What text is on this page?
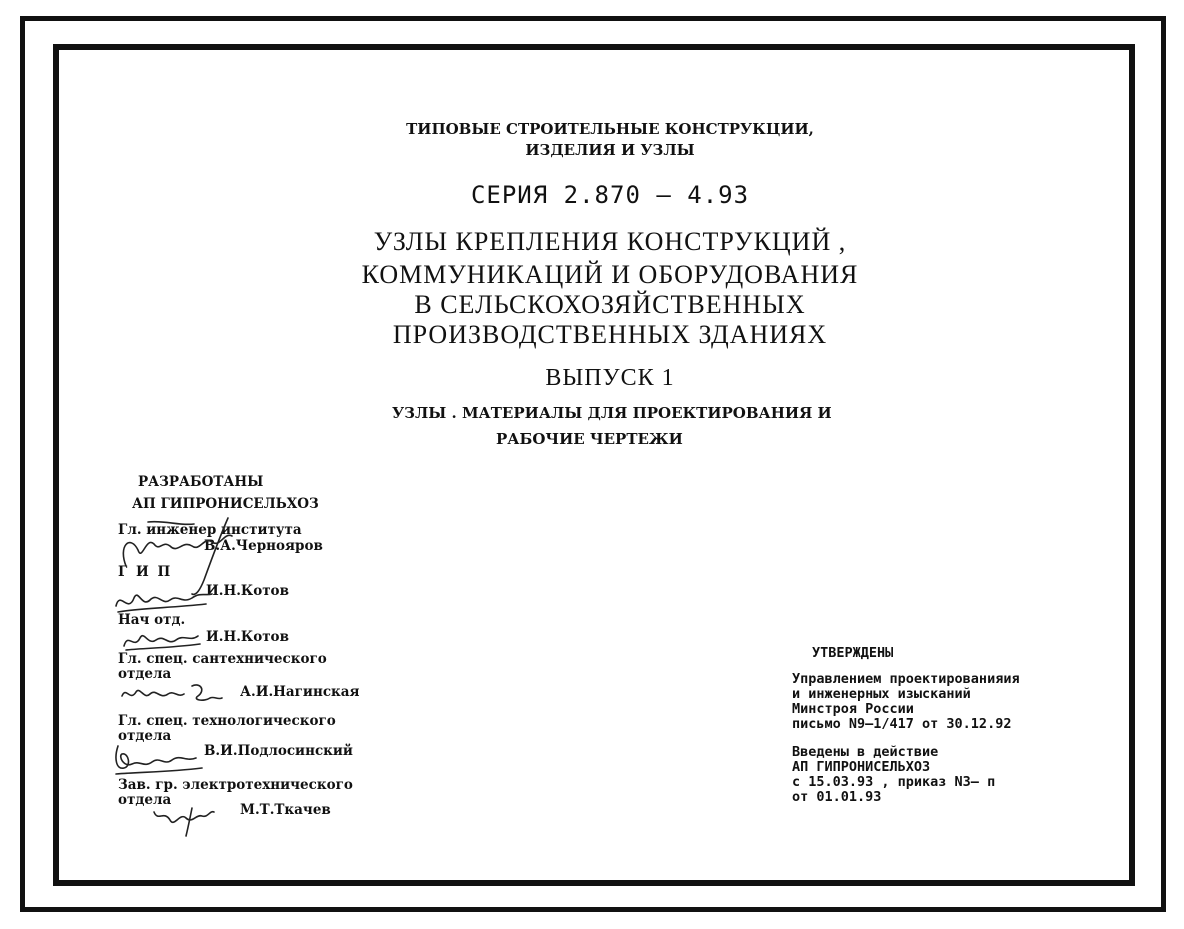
ТИПОВЫЕ СТРОИТЕЛЬНЫЕ КОНСТРУКЦИИ,
ИЗДЕЛИЯ И УЗЛЫ
СЕРИЯ 2.870 – 4.93
УЗЛЫ КРЕПЛЕНИЯ КОНСТРУКЦИЙ ,
КОММУНИКАЦИЙ И ОБОРУДОВАНИЯ
В СЕЛЬСКОХОЗЯЙСТВЕННЫХ
ПРОИЗВОДСТВЕННЫХ ЗДАНИЯХ
ВЫПУСК 1
УЗЛЫ . МАТЕРИАЛЫ ДЛЯ ПРОЕКТИРОВАНИЯ И
РАБОЧИЕ ЧЕРТЕЖИ
РАЗРАБОТАНЫ
АП ГИПРОНИСЕЛЬХОЗ
Гл. инженер института
В.А.Чернояров
Г И П
И.Н.Котов
Нач отд.
И.Н.Котов
Гл. спец. сантехнического
отдела
А.И.Нагинская
Гл. спец. технологического
отдела
В.И.Подлосинский
Зав. гр. электротехнического
отдела
М.Т.Ткачев
УТВЕРЖДЕНЫ
Управлением проектированияия
и инженерных изысканий
Минстроя России
письмо N9–1/417 от 30.12.92
Введены в действие
АП ГИПРОНИСЕЛЬХОЗ
с 15.03.93 , приказ N3– п
от 01.01.93
